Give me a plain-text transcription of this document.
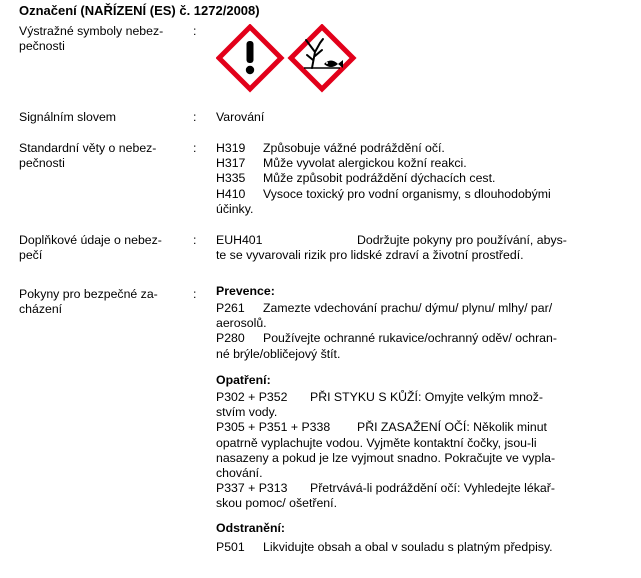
Označení (NAŘÍZENÍ (ES) č. 1272/2008)
Výstražné symboly nebez-
pečnosti
:
Signálním slovem	: Varování
Standardní věty o nebez-
pečnosti
: H319 Způsobuje vážné podráždění očí.
H317 Může vyvolat alergickou kožní reakci.
H335 Může způsobit podráždění dýchacích cest.
H410 Vysoce toxický pro vodní organismy, s dlouhodobými
účinky.
Doplňkové údaje o nebez-
pečí
: EUH401	Dodržujte pokyny pro používání, abys-
te se vyvarovali rizik pro lidské zdraví a životní prostředí.
Pokyny pro bezpečné za-
cházení
: Prevence:
P261 Zamezte vdechování prachu/ dýmu/ plynu/ mlhy/ par/
aerosolů.
P280 Používejte ochranné rukavice/ochranný oděv/ ochran-
né brýle/obličejový štít.
Opatření:
P302 + P352 PŘI STYKU S KŮŽÍ: Omyjte velkým množ-
stvím vody.
P305 + P351 + P338 PŘI ZASAŽENÍ OČÍ: Několik minut
opatrně vyplachujte vodou. Vyjměte kontaktní čočky, jsou-li
nasazeny a pokud je lze vyjmout snadno. Pokračujte ve vypla-
chování.
P337 + P313 Přetrvává-li podráždění očí: Vyhledejte lékař-
skou pomoc/ ošetření.
Odstranění:
P501 Likvidujte obsah a obal v souladu s platným předpisy.
